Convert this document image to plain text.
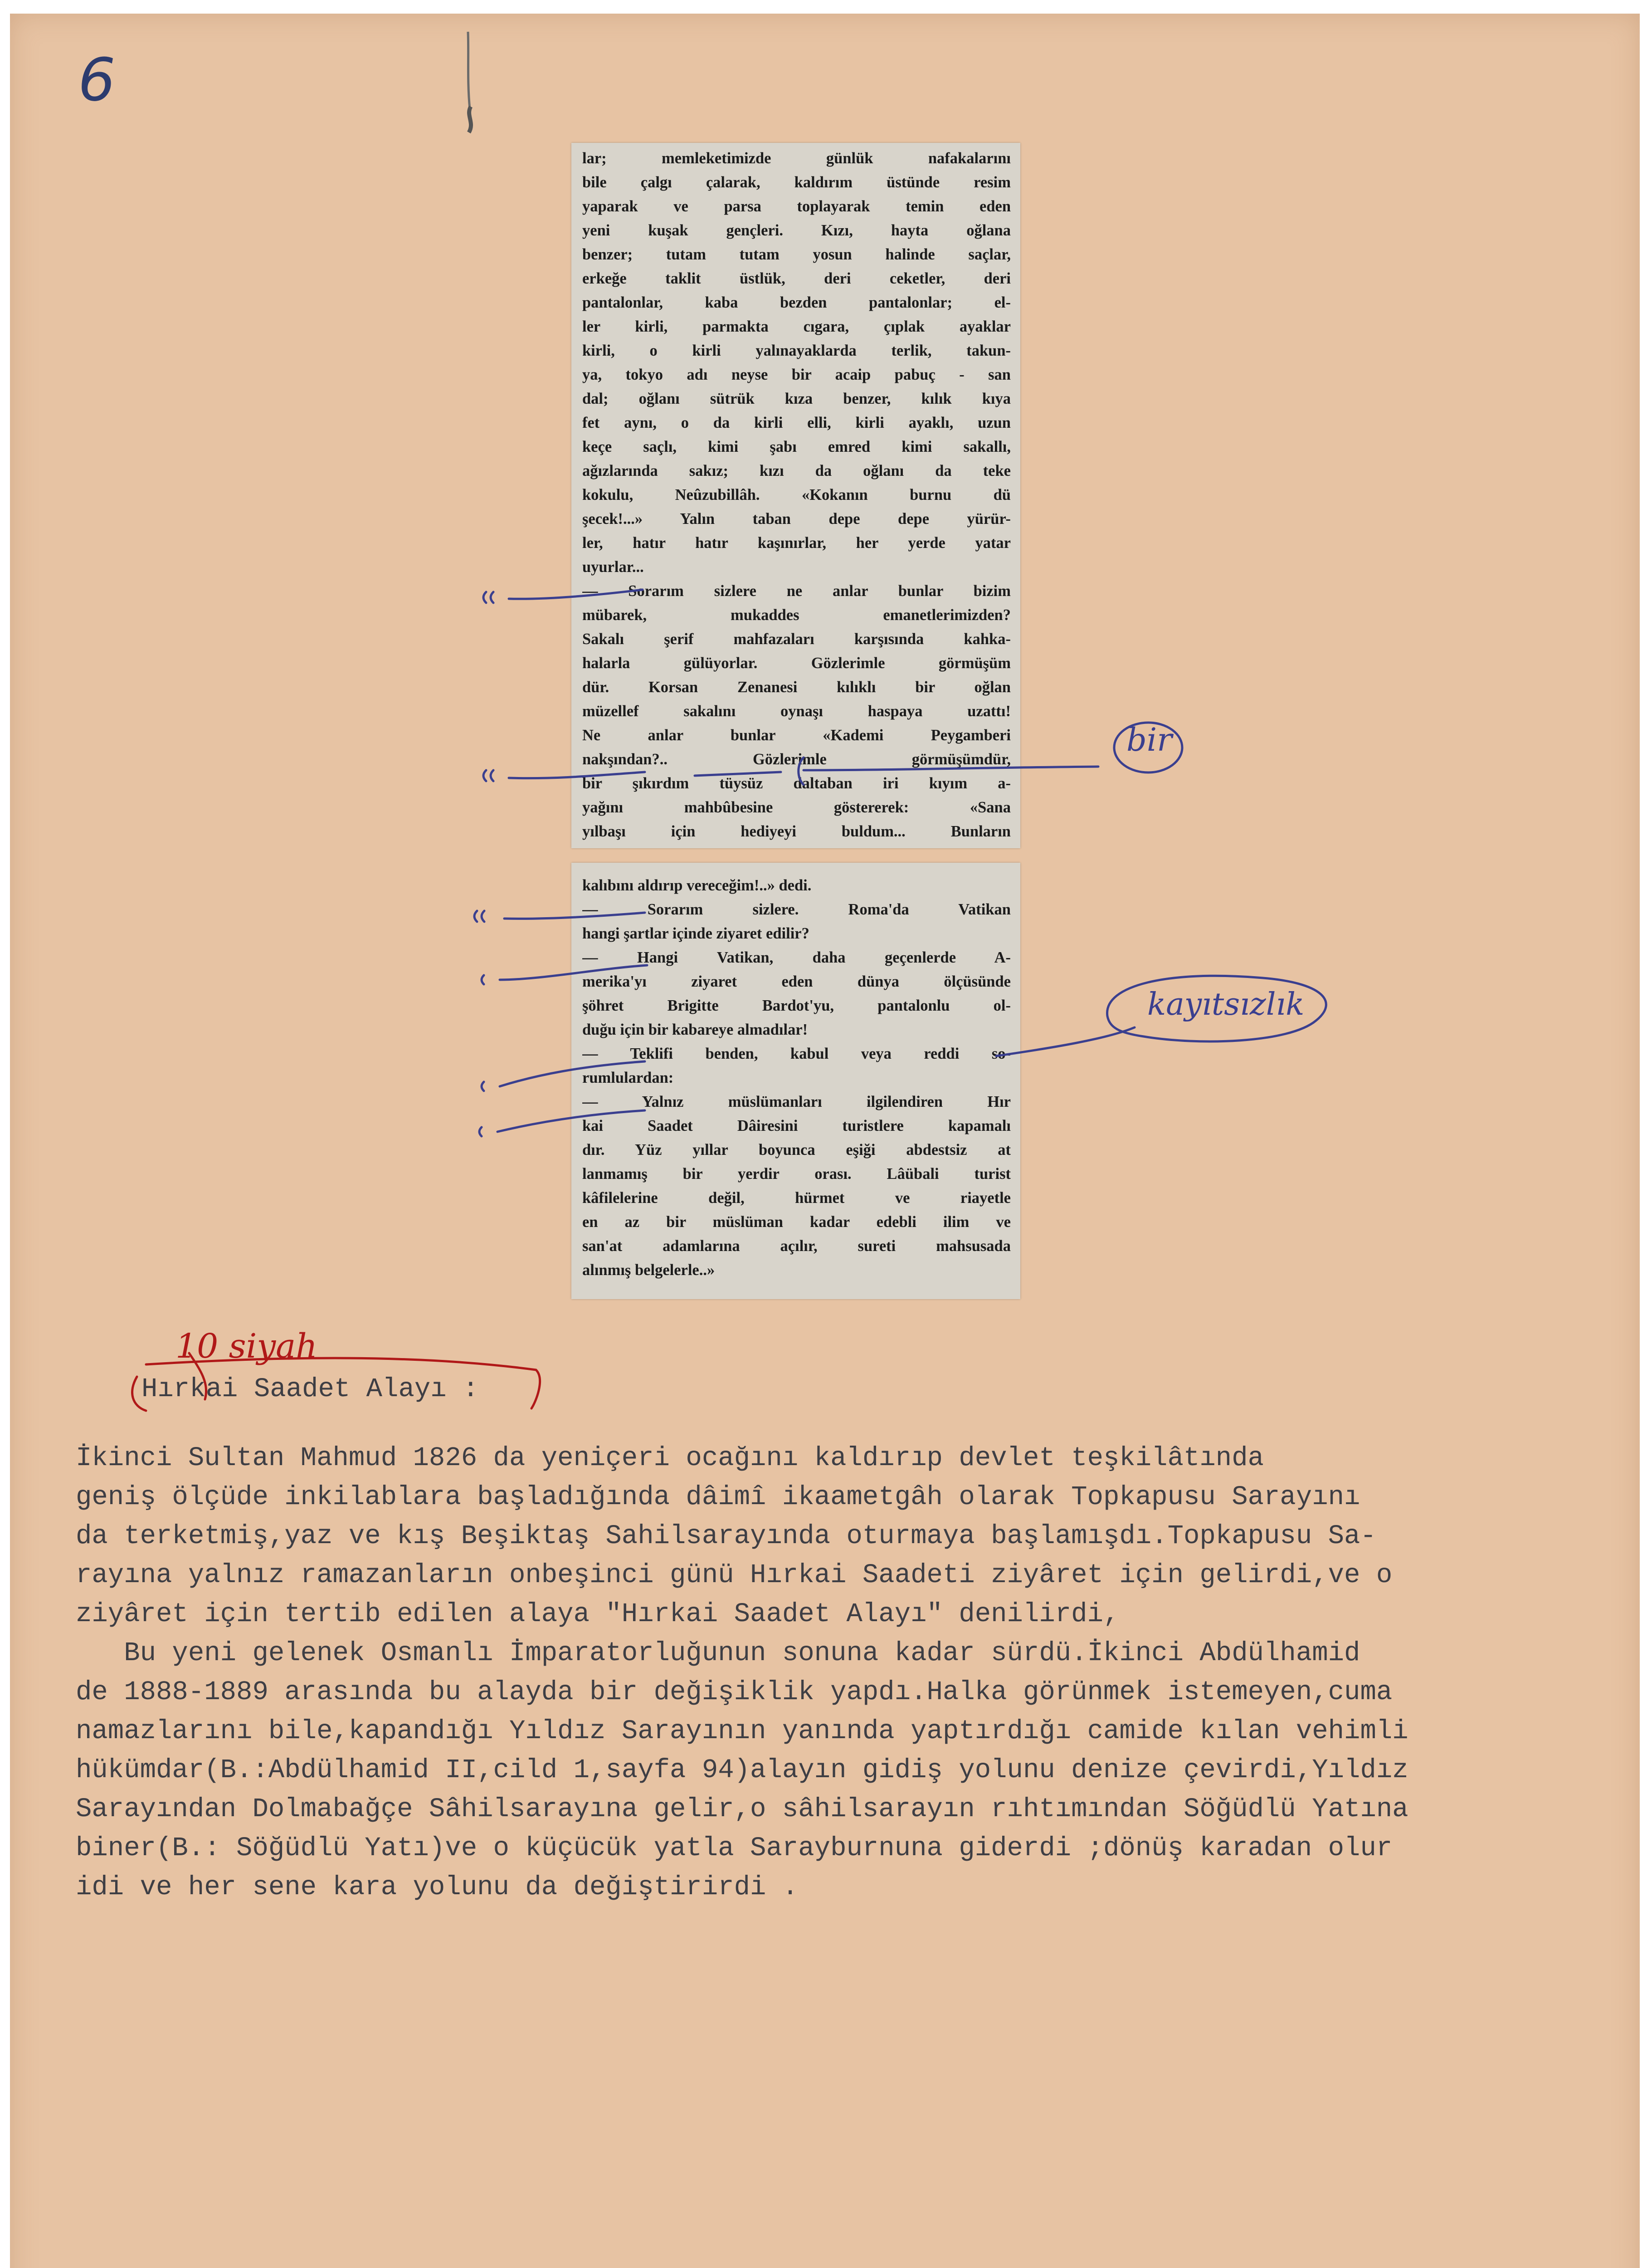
6
lar; memleketimizde günlük nafakalarını
bile çalgı çalarak, kaldırım üstünde resim
yaparak ve parsa toplayarak temin eden
yeni kuşak gençleri. Kızı, hayta oğlana
benzer; tutam tutam yosun halinde saçlar,
erkeğe taklit üstlük, deri ceketler, deri
pantalonlar, kaba bezden pantalonlar; el-
ler kirli, parmakta cıgara, çıplak ayaklar
kirli, o kirli yalınayaklarda terlik, takun-
ya, tokyo adı neyse bir acaip pabuç - san
dal; oğlanı sütrük kıza benzer, kılık kıya
fet aynı, o da kirli elli, kirli ayaklı, uzun
keçe saçlı, kimi şabı emred kimi sakallı,
ağızlarında sakız; kızı da oğlanı da teke
kokulu, Neûzubillâh. «Kokanın burnu dü
şecek!...» Yalın taban depe depe yürür-
ler, hatır hatır kaşınırlar, her yerde yatar
uyurlar...
— Sorarım sizlere ne anlar bunlar bizim
mübarek, mukaddes emanetlerimizden?
Sakalı şerif mahfazaları karşısında kahka-
halarla gülüyorlar. Gözlerimle görmüşüm
dür. Korsan Zenanesi kılıklı bir oğlan
müzellef sakalını oynaşı haspaya uzattı!
Ne anlar bunlar «Kademi Peygamberi
nakşından?.. Gözlerimle görmüşümdür,
bir şıkırdım tüysüz daltaban iri kıyım a-
yağını mahbûbesine göstererek: «Sana
yılbaşı için hediyeyi buldum... Bunların
kalıbını aldırıp vereceğim!..» dedi.
— Sorarım sizlere. Roma'da Vatikan
hangi şartlar içinde ziyaret edilir?
— Hangi Vatikan, daha geçenlerde A-
merika'yı ziyaret eden dünya ölçüsünde
şöhret Brigitte Bardot'yu, pantalonlu ol-
duğu için bir kabareye almadılar!
— Teklifi benden, kabul veya reddi so-
rumlulardan:
— Yalnız müslümanları ilgilendiren Hır
kai Saadet Dâiresini turistlere kapamalı
dır. Yüz yıllar boyunca eşiği abdestsiz at
lanmamış bir yerdir orası. Lâübali turist
kâfilelerine değil, hürmet ve riayetle
en az bir müslüman kadar edebli ilim ve
san'at adamlarına açılır, sureti mahsusada
alınmış belgelerle..»
bir
kayıtsızlık
10 siyah
Hırkai Saadet Alayı :
İkinci Sultan Mahmud 1826 da yeniçeri ocağını kaldırıp devlet teşkilâtında
geniş ölçüde inkilablara başladığında dâimî ikaametgâh olarak Topkapusu Sarayını
da terketmiş,yaz ve kış Beşiktaş Sahilsarayında oturmaya başlamışdı.Topkapusu Sa-
rayına yalnız ramazanların onbeşinci günü Hırkai Saadeti ziyâret için gelirdi,ve o
ziyâret için tertib edilen alaya "Hırkai Saadet Alayı" denilirdi,
Bu yeni gelenek Osmanlı İmparatorluğunun sonuna kadar sürdü.İkinci Abdülhamid
de 1888-1889 arasında bu alayda bir değişiklik yapdı.Halka görünmek istemeyen,cuma
namazlarını bile,kapandığı Yıldız Sarayının yanında yaptırdığı camide kılan vehimli
hükümdar(B.:Abdülhamid II,cild 1,sayfa 94)alayın gidiş yolunu denize çevirdi,Yıldız
Sarayından Dolmabağçe Sâhilsarayına gelir,o sâhilsarayın rıhtımından Söğüdlü Yatına
biner(B.: Söğüdlü Yatı)ve o küçücük yatla Sarayburnuna giderdi ;dönüş karadan olur
idi ve her sene kara yolunu da değiştirirdi .
